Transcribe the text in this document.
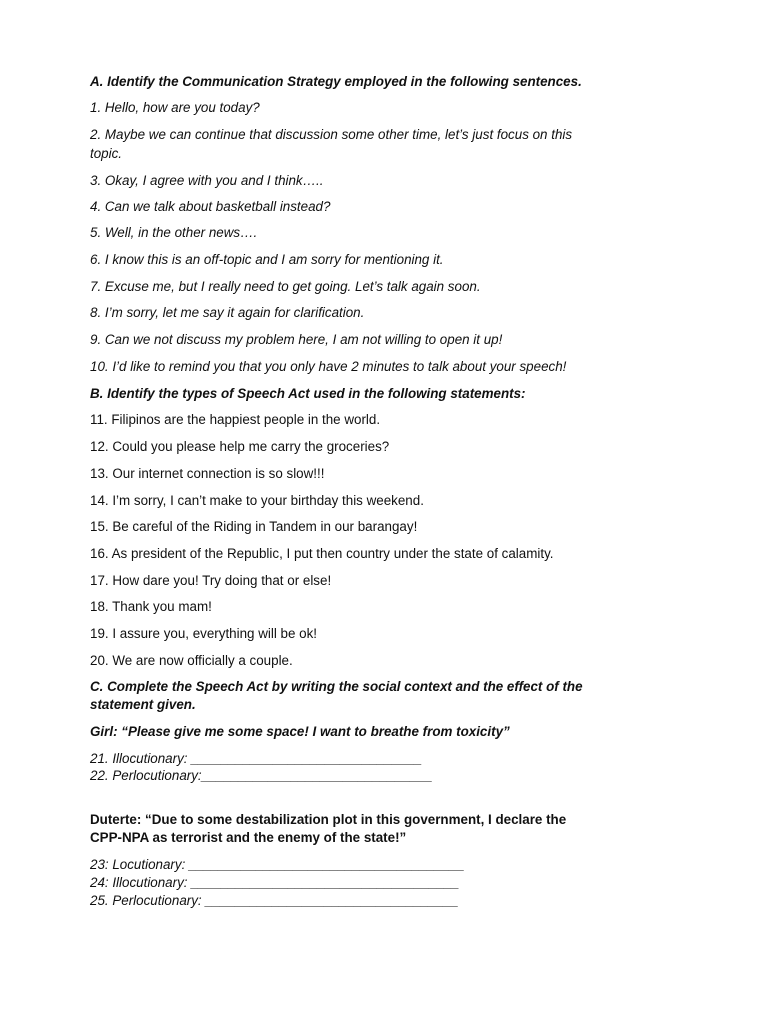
A. Identify the Communication Strategy employed in the following sentences.
1. Hello, how are you today?
2. Maybe we can continue that discussion some other time, let’s just focus on this
topic.
3. Okay, I agree with you and I think…..
4. Can we talk about basketball instead?
5. Well, in the other news….
6. I know this is an off-topic and I am sorry for mentioning it.
7. Excuse me, but I really need to get going. Let’s talk again soon.
8. I’m sorry, let me say it again for clarification.
9. Can we not discuss my problem here, I am not willing to open it up!
10. I’d like to remind you that you only have 2 minutes to talk about your speech!
B. Identify the types of Speech Act used in the following statements:
11. Filipinos are the happiest people in the world.
12. Could you please help me carry the groceries?
13. Our internet connection is so slow!!!
14. I’m sorry, I can’t make to your birthday this weekend.
15. Be careful of the Riding in Tandem in our barangay!
16. As president of the Republic, I put then country under the state of calamity.
17. How dare you! Try doing that or else!
18. Thank you mam!
19. I assure you, everything will be ok!
20. We are now officially a couple.
C. Complete the Speech Act by writing the social context and the effect of the
statement given.
Girl: “Please give me some space! I want to breathe from toxicity”
21. Illocutionary: _______________________________
22. Perlocutionary:_______________________________
Duterte: “Due to some destabilization plot in this government, I declare the
CPP-NPA as terrorist and the enemy of the state!”
23: Locutionary: _____________________________________
24: Illocutionary: ____________________________________
25. Perlocutionary: __________________________________
